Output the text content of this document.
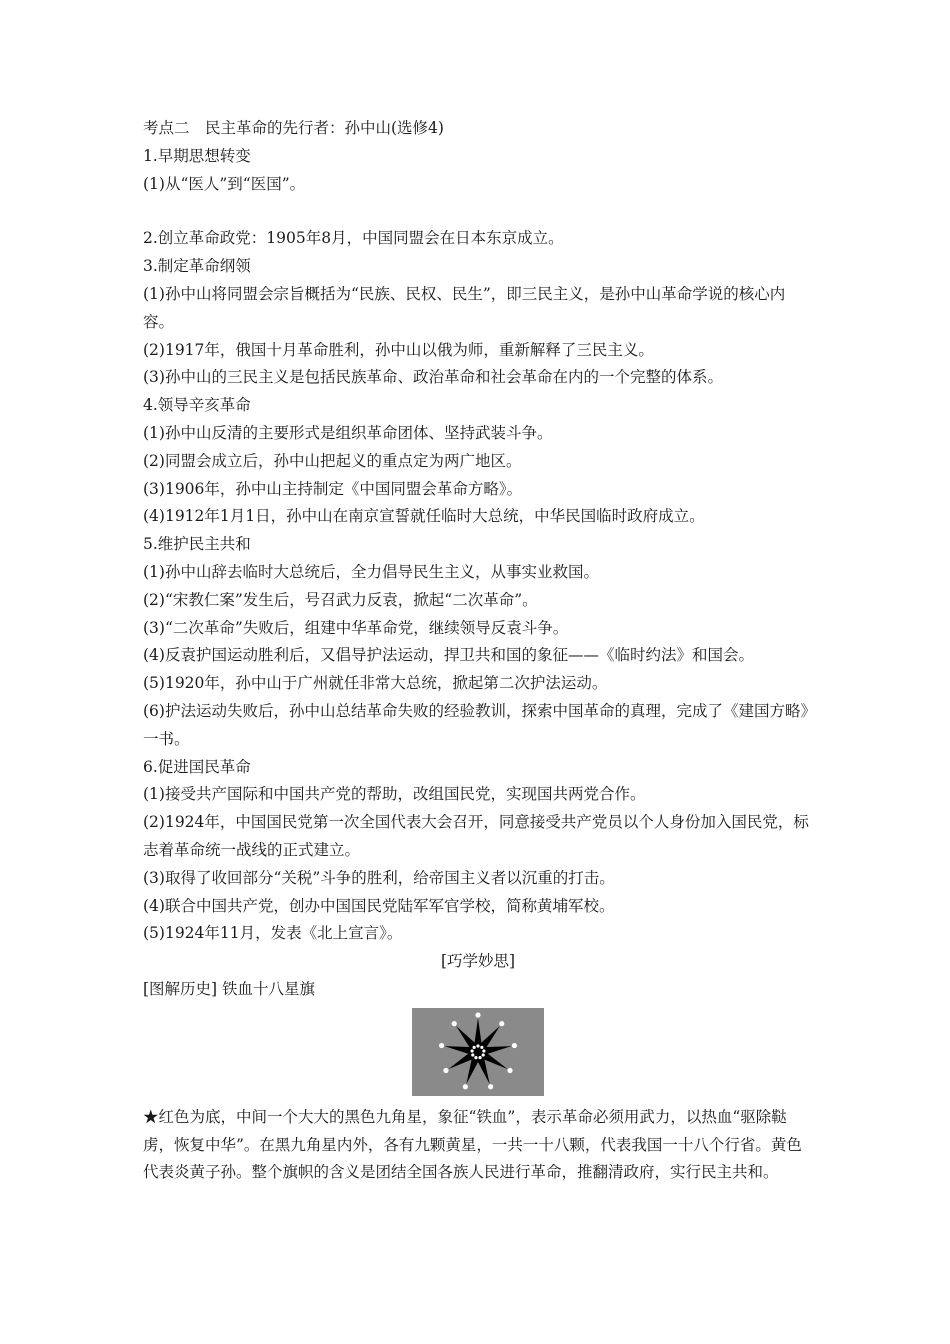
考点二　民主革命的先行者：孙中山(选修4)

1.早期思想转变

(1)从“医人”到“医国”。

2.创立革命政党：1905年8月，中国同盟会在日本东京成立。

3.制定革命纲领

(1)孙中山将同盟会宗旨概括为“民族、民权、民生”，即三民主义，是孙中山革命学说的核心内容。

(2)1917年，俄国十月革命胜利，孙中山以俄为师，重新解释了三民主义。

(3)孙中山的三民主义是包括民族革命、政治革命和社会革命在内的一个完整的体系。

4.领导辛亥革命

(1)孙中山反清的主要形式是组织革命团体、坚持武装斗争。

(2)同盟会成立后，孙中山把起义的重点定为两广地区。

(3)1906年，孙中山主持制定《中国同盟会革命方略》。

(4)1912年1月1日，孙中山在南京宣誓就任临时大总统，中华民国临时政府成立。

5.维护民主共和

(1)孙中山辞去临时大总统后，全力倡导民生主义，从事实业救国。

(2)“宋教仁案”发生后，号召武力反袁，掀起“二次革命”。

(3)“二次革命”失败后，组建中华革命党，继续领导反袁斗争。

(4)反袁护国运动胜利后，又倡导护法运动，捍卫共和国的象征——《临时约法》和国会。

(5)1920年，孙中山于广州就任非常大总统，掀起第二次护法运动。

(6)护法运动失败后，孙中山总结革命失败的经验教训，探索中国革命的真理，完成了《建国方略》一书。

6.促进国民革命

(1)接受共产国际和中国共产党的帮助，改组国民党，实现国共两党合作。

(2)1924年，中国国民党第一次全国代表大会召开，同意接受共产党员以个人身份加入国民党，标志着革命统一战线的正式建立。

(3)取得了收回部分“关税”斗争的胜利，给帝国主义者以沉重的打击。

(4)联合中国共产党，创办中国国民党陆军军官学校，简称黄埔军校。

(5)1924年11月，发表《北上宣言》。

[巧学妙思]

[图解历史] 铁血十八星旗

★红色为底，中间一个大大的黑色九角星，象征“铁血”，表示革命必须用武力，以热血“驱除鞑虏，恢复中华”。在黑九角星内外，各有九颗黄星，一共一十八颗，代表我国一十八个行省。黄色代表炎黄子孙。整个旗帜的含义是团结全国各族人民进行革命，推翻清政府，实行民主共和。
